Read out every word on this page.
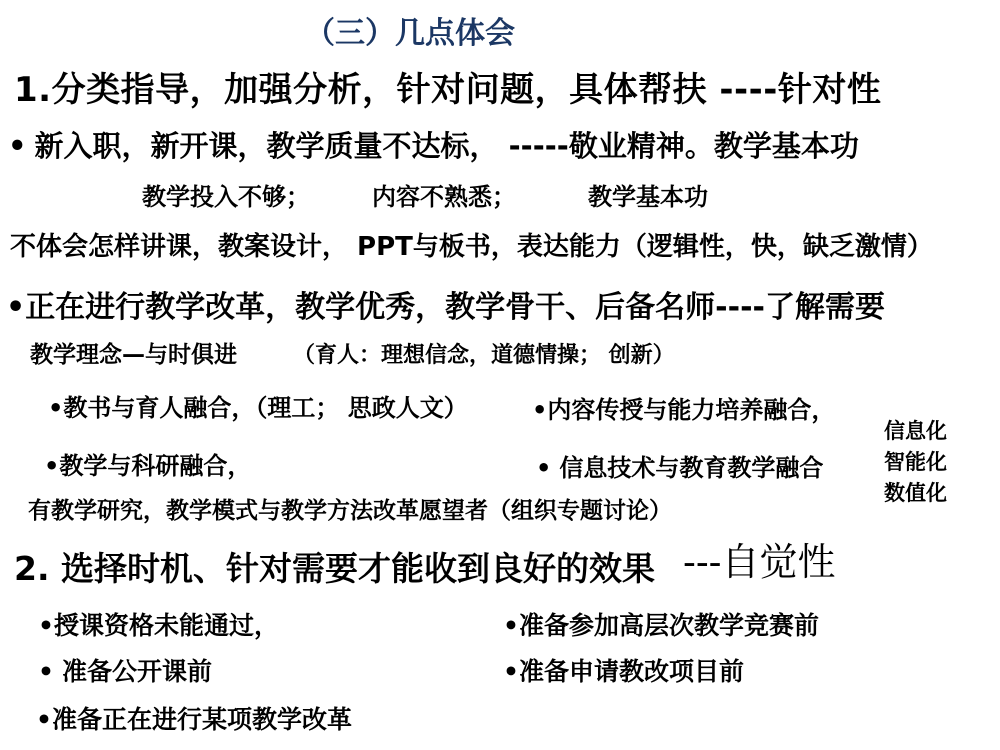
（三）几点体会
1.分类指导，加强分析，针对问题，具体帮扶 ----针对性
• 新入职，新开课，教学质量不达标， -----敬业精神。教学基本功
教学投入不够；	内容不熟悉；	教学基本功
不体会怎样讲课，教案设计， PPT与板书，表达能力（逻辑性，快，缺乏激情）
•正在进行教学改革，教学优秀，教学骨干、后备名师----了解需要
教学理念—与时俱进	（育人：理想信念，道德情操； 创新）
•教书与育人融合，（理工； 思政人文）	•内容传授与能力培养融合，
•教学与科研融合，	• 信息技术与教育教学融合
信息化
智能化
数值化
有教学研究，教学模式与教学方法改革愿望者（组织专题讨论）
2. 选择时机、针对需要才能收到良好的效果 ---自觉性
•授课资格未能通过，
• 准备公开课前
•准备正在进行某项教学改革
•准备参加高层次教学竞赛前
•准备申请教改项目前
